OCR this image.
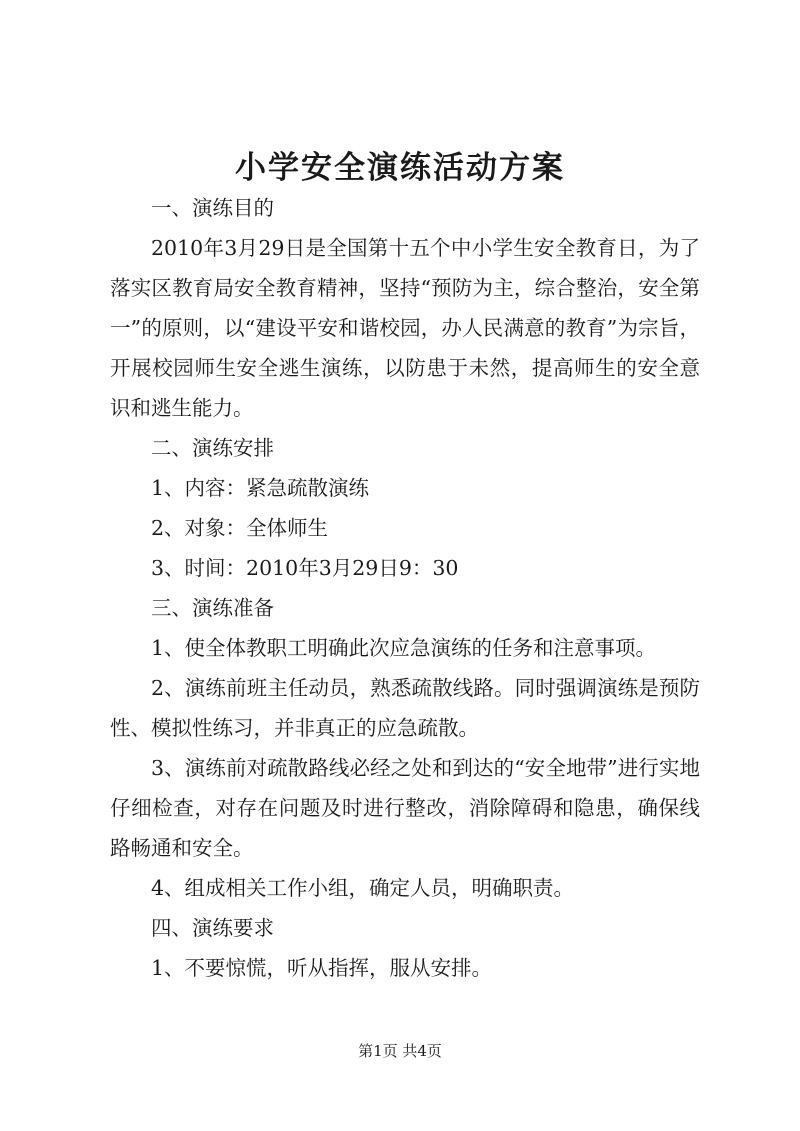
小学安全演练活动方案

一、演练目的

2010年3月29日是全国第十五个中小学生安全教育日，为了落实区教育局安全教育精神，坚持“预防为主，综合整治，安全第一”的原则，以“建设平安和谐校园，办人民满意的教育”为宗旨，开展校园师生安全逃生演练，以防患于未然，提高师生的安全意识和逃生能力。

二、演练安排

1、内容：紧急疏散演练

2、对象：全体师生

3、时间：2010年3月29日9：30

三、演练准备

1、使全体教职工明确此次应急演练的任务和注意事项。

2、演练前班主任动员，熟悉疏散线路。同时强调演练是预防性、模拟性练习，并非真正的应急疏散。

3、演练前对疏散路线必经之处和到达的“安全地带”进行实地仔细检查，对存在问题及时进行整改，消除障碍和隐患，确保线路畅通和安全。

4、组成相关工作小组，确定人员，明确职责。

四、演练要求

1、不要惊慌，听从指挥，服从安排。

第1页 共4页
